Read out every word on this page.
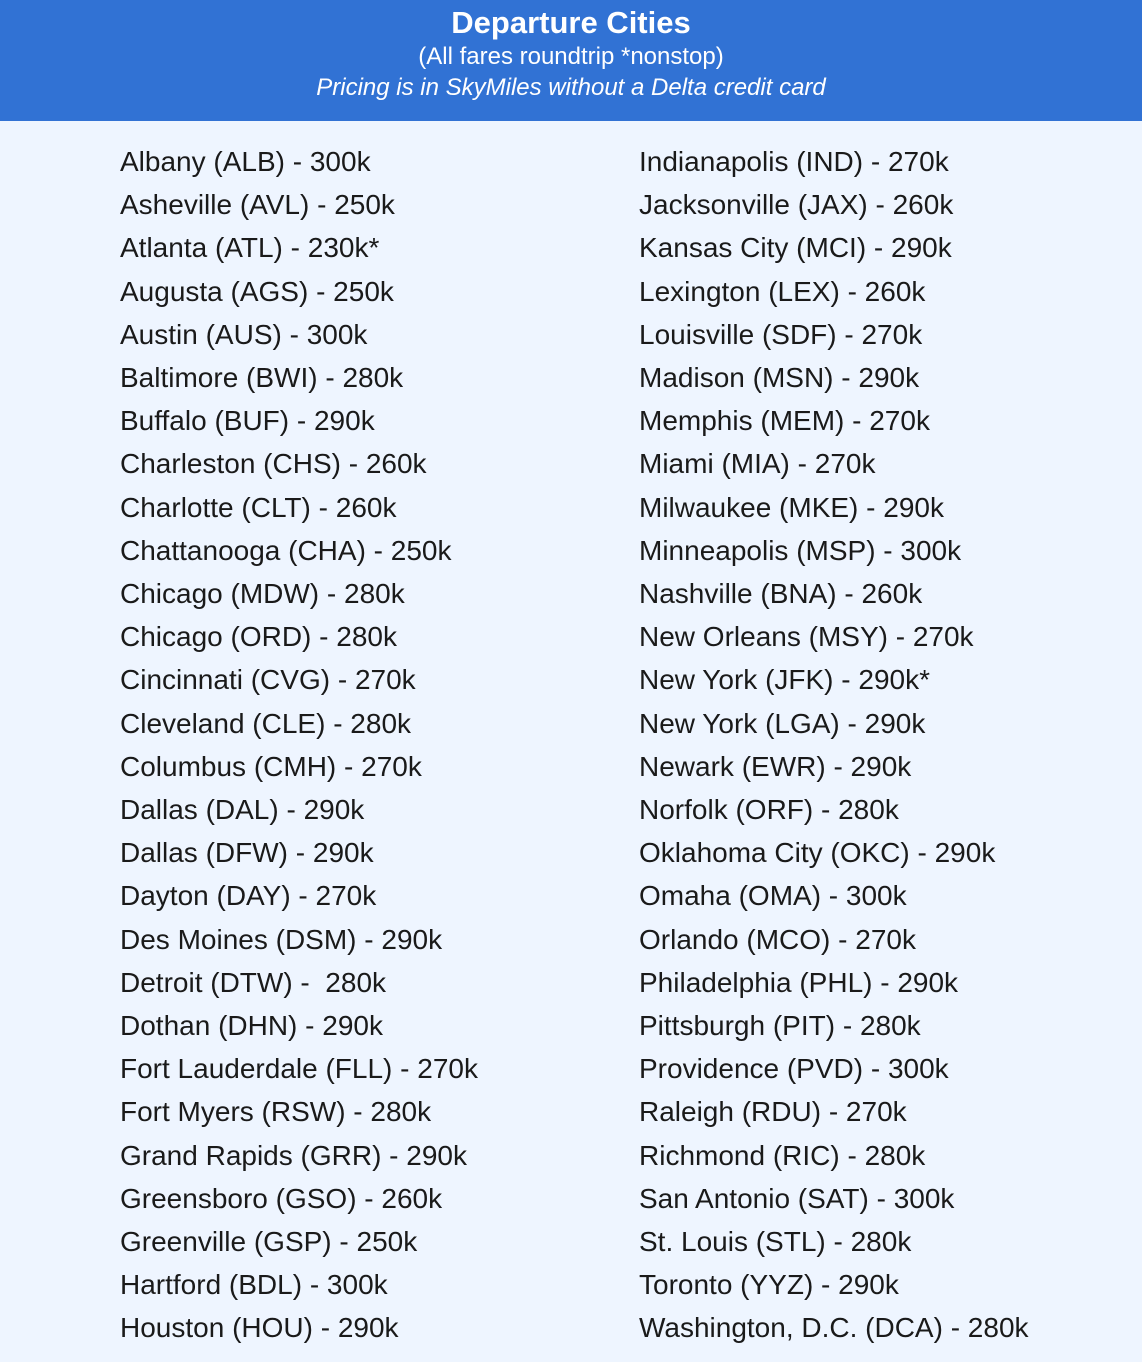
Departure Cities
(All fares roundtrip *nonstop)
Pricing is in SkyMiles without a Delta credit card
Albany (ALB) - 300k
Asheville (AVL) - 250k
Atlanta (ATL) - 230k*
Augusta (AGS) - 250k
Austin (AUS) - 300k
Baltimore (BWI) - 280k
Buffalo (BUF) - 290k
Charleston (CHS) - 260k
Charlotte (CLT) - 260k
Chattanooga (CHA) - 250k
Chicago (MDW) - 280k
Chicago (ORD) - 280k
Cincinnati (CVG) - 270k
Cleveland (CLE) - 280k
Columbus (CMH) - 270k
Dallas (DAL) - 290k
Dallas (DFW) - 290k
Dayton (DAY) - 270k
Des Moines (DSM) - 290k
Detroit (DTW) -  280k
Dothan (DHN) - 290k
Fort Lauderdale (FLL) - 270k
Fort Myers (RSW) - 280k
Grand Rapids (GRR) - 290k
Greensboro (GSO) - 260k
Greenville (GSP) - 250k
Hartford (BDL) - 300k
Houston (HOU) - 290k
Indianapolis (IND) - 270k
Jacksonville (JAX) - 260k
Kansas City (MCI) - 290k
Lexington (LEX) - 260k
Louisville (SDF) - 270k
Madison (MSN) - 290k
Memphis (MEM) - 270k
Miami (MIA) - 270k
Milwaukee (MKE) - 290k
Minneapolis (MSP) - 300k
Nashville (BNA) - 260k
New Orleans (MSY) - 270k
New York (JFK) - 290k*
New York (LGA) - 290k
Newark (EWR) - 290k
Norfolk (ORF) - 280k
Oklahoma City (OKC) - 290k
Omaha (OMA) - 300k
Orlando (MCO) - 270k
Philadelphia (PHL) - 290k
Pittsburgh (PIT) - 280k
Providence (PVD) - 300k
Raleigh (RDU) - 270k
Richmond (RIC) - 280k
San Antonio (SAT) - 300k
St. Louis (STL) - 280k
Toronto (YYZ) - 290k
Washington, D.C. (DCA) - 280k
